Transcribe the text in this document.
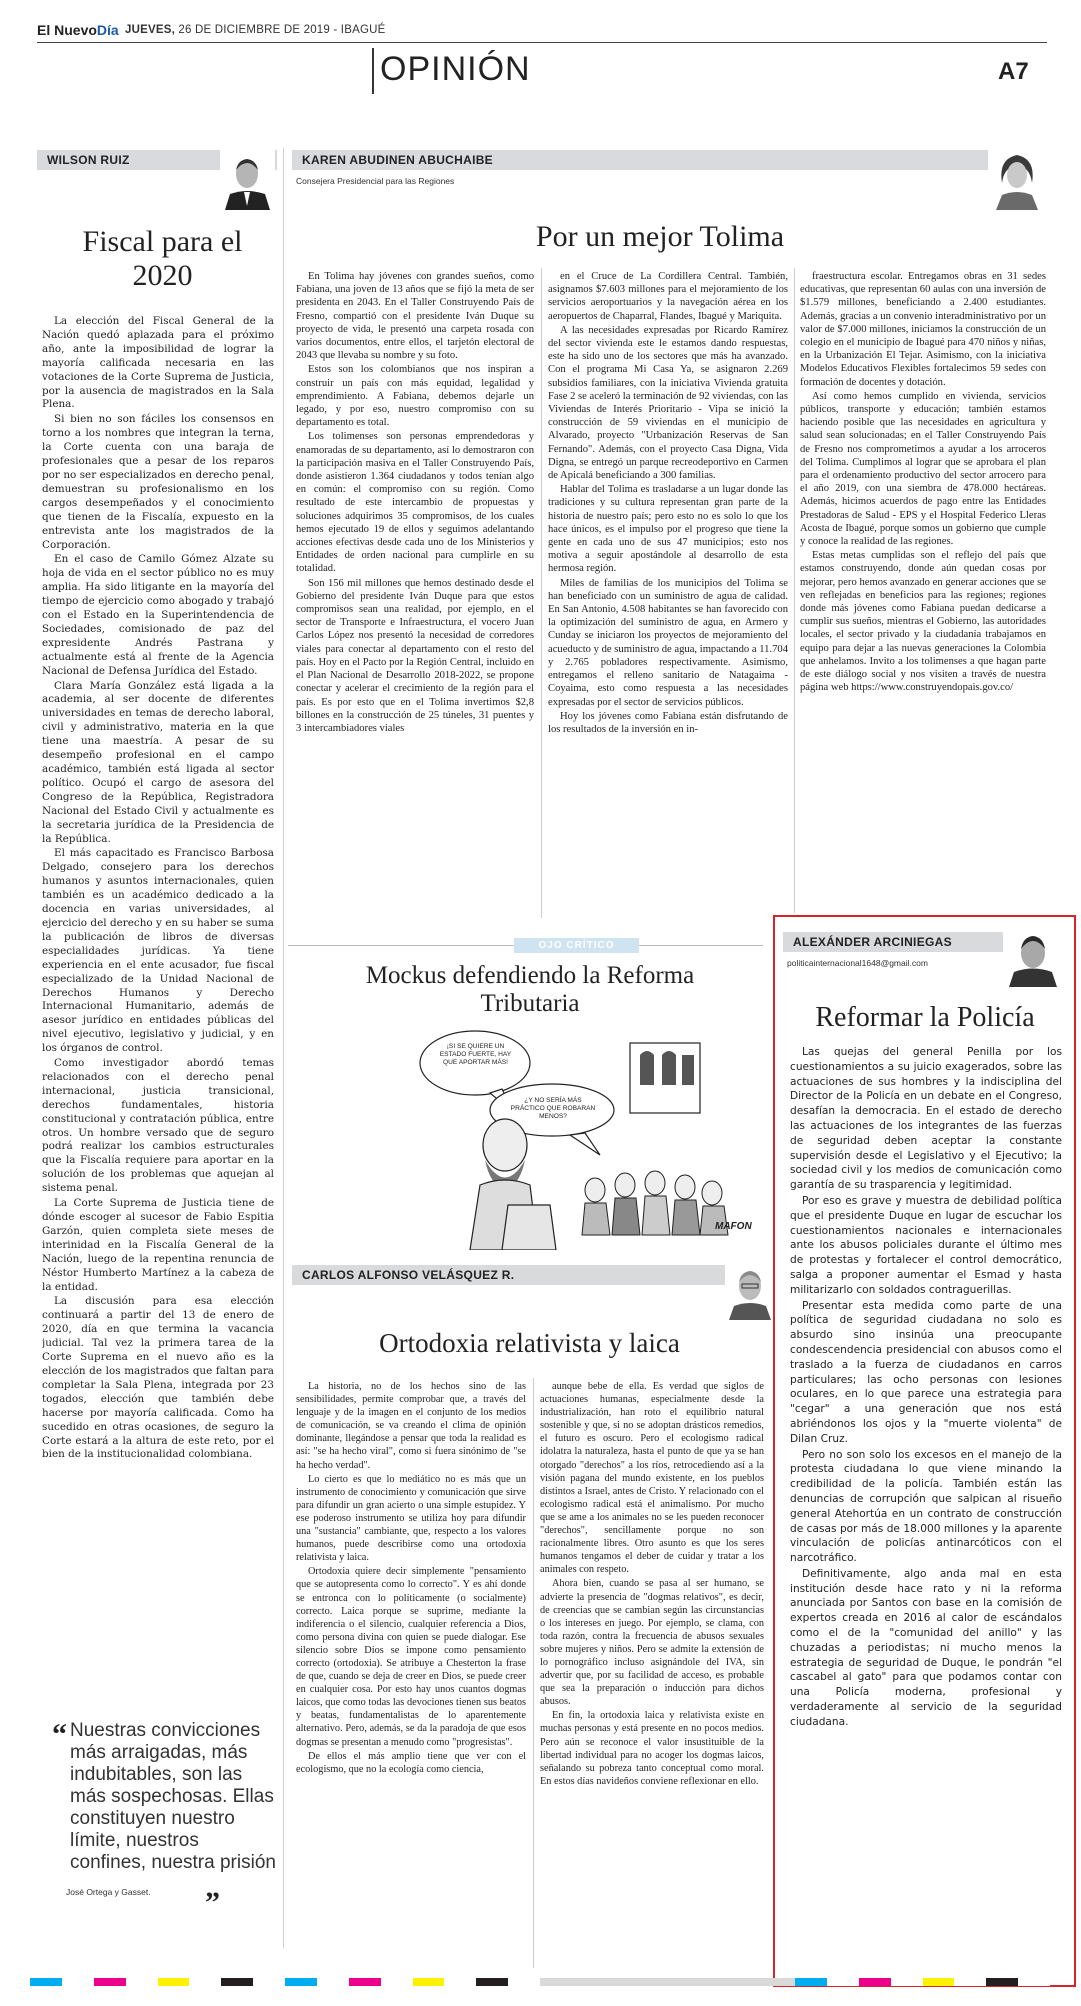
El NuevoDía JUEVES, 26 DE DICIEMBRE DE 2019 - IBAGUÉ
OPINIÓN	A7
WILSON RUIZ
Fiscal para el 2020

La elección del Fiscal General de la Nación quedó aplazada para el próximo año, ante la imposibilidad de lograr la mayoría calificada necesaria en las votaciones de la Corte Suprema de Justicia, por la ausencia de magistrados en la Sala Plena.

Si bien no son fáciles los consensos en torno a los nombres que integran la terna, la Corte cuenta con una baraja de profesionales que a pesar de los reparos por no ser especializados en derecho penal, demuestran su profesionalismo en los cargos desempeñados y el conocimiento que tienen de la Fiscalía, expuesto en la entrevista ante los magistrados de la Corporación.

En el caso de Camilo Gómez Alzate su hoja de vida en el sector público no es muy amplia. Ha sido litigante en la mayoría del tiempo de ejercicio como abogado y trabajó con el Estado en la Superintendencia de Sociedades, comisionado de paz del expresidente Andrés Pastrana y actualmente está al frente de la Agencia Nacional de Defensa Jurídica del Estado.

Clara María González está ligada a la academia, al ser docente de diferentes universidades en temas de derecho laboral, civil y administrativo, materia en la que tiene una maestría. A pesar de su desempeño profesional en el campo académico, también está ligada al sector político. Ocupó el cargo de asesora del Congreso de la República, Registradora Nacional del Estado Civil y actualmente es la secretaria jurídica de la Presidencia de la República.

El más capacitado es Francisco Barbosa Delgado, consejero para los derechos humanos y asuntos internacionales, quien también es un académico dedicado a la docencia en varias universidades, al ejercicio del derecho y en su haber se suma la publicación de libros de diversas especialidades jurídicas. Ya tiene experiencia en el ente acusador, fue fiscal especializado de la Unidad Nacional de Derechos Humanos y Derecho Internacional Humanitario, además de asesor jurídico en entidades públicas del nivel ejecutivo, legislativo y judicial, y en los órganos de control.

Como investigador abordó temas relacionados con el derecho penal internacional, justicia transicional, derechos fundamentales, historia constitucional y contratación pública, entre otros. Un hombre versado que de seguro podrá realizar los cambios estructurales que la Fiscalía requiere para aportar en la solución de los problemas que aquejan al sistema penal.

La Corte Suprema de Justicia tiene de dónde escoger al sucesor de Fabio Espitia Garzón, quien completa siete meses de interinidad en la Fiscalía General de la Nación, luego de la repentina renuncia de Néstor Humberto Martínez a la cabeza de la entidad.

La discusión para esa elección continuará a partir del 13 de enero de 2020, día en que termina la vacancia judicial. Tal vez la primera tarea de la Corte Suprema en el nuevo año es la elección de los magistrados que faltan para completar la Sala Plena, integrada por 23 togados, elección que también debe hacerse por mayoría calificada. Como ha sucedido en otras ocasiones, de seguro la Corte estará a la altura de este reto, por el bien de la institucionalidad colombiana.

“ Nuestras convicciones más arraigadas, más indubitables, son las más sospechosas. Ellas constituyen nuestro límite, nuestros confines, nuestra prisión
José Ortega y Gasset. ”
KAREN ABUDINEN ABUCHAIBE
Consejera Presidencial para las Regiones
Por un mejor Tolima

En Tolima hay jóvenes con grandes sueños, como Fabiana, una joven de 13 años que se fijó la meta de ser presidenta en 2043. En el Taller Construyendo País de Fresno, compartió con el presidente Iván Duque su proyecto de vida, le presentó una carpeta rosada con varios documentos, entre ellos, el tarjetón electoral de 2043 que llevaba su nombre y su foto.

Estos son los colombianos que nos inspiran a construir un país con más equidad, legalidad y emprendimiento. A Fabiana, debemos dejarle un legado, y por eso, nuestro compromiso con su departamento es total.

Los tolimenses son personas emprendedoras y enamoradas de su departamento, así lo demostraron con la participación masiva en el Taller Construyendo País, donde asistieron 1.364 ciudadanos y todos tenían algo en común: el compromiso con su región. Como resultado de este intercambio de propuestas y soluciones adquirimos 35 compromisos, de los cuales hemos ejecutado 19 de ellos y seguimos adelantando acciones efectivas desde cada uno de los Ministerios y Entidades de orden nacional para cumplirle en su totalidad.

Son 156 mil millones que hemos destinado desde el Gobierno del presidente Iván Duque para que estos compromisos sean una realidad, por ejemplo, en el sector de Transporte e Infraestructura, el vocero Juan Carlos López nos presentó la necesidad de corredores viales para conectar al departamento con el resto del país. Hoy en el Pacto por la Región Central, incluido en el Plan Nacional de Desarrollo 2018-2022, se propone conectar y acelerar el crecimiento de la región para el país. Es por esto que en el Tolima invertimos $2,8 billones en la construcción de 25 túneles, 31 puentes y 3 intercambiadores viales

en el Cruce de La Cordillera Central. También, asignamos $7.603 millones para el mejoramiento de los servicios aeroportuarios y la navegación aérea en los aeropuertos de Chaparral, Flandes, Ibagué y Mariquita.

A las necesidades expresadas por Ricardo Ramírez del sector vivienda este le estamos dando respuestas, este ha sido uno de los sectores que más ha avanzado. Con el programa Mi Casa Ya, se asignaron 2.269 subsidios familiares, con la iniciativa Vivienda gratuita Fase 2 se aceleró la terminación de 92 viviendas, con las Viviendas de Interés Prioritario - Vipa se inició la construcción de 59 viviendas en el municipio de Alvarado, proyecto "Urbanización Reservas de San Fernando". Además, con el proyecto Casa Digna, Vida Digna, se entregó un parque recreodeportivo en Carmen de Apicalá beneficiando a 300 familias.

Hablar del Tolima es trasladarse a un lugar donde las tradiciones y su cultura representan gran parte de la historia de nuestro país; pero esto no es solo lo que los hace únicos, es el impulso por el progreso que tiene la gente en cada uno de sus 47 municipios; esto nos motiva a seguir apostándole al desarrollo de esta hermosa región.

Miles de familias de los municipios del Tolima se han beneficiado con un suministro de agua de calidad. En San Antonio, 4.508 habitantes se han favorecido con la optimización del suministro de agua, en Armero y Cunday se iniciaron los proyectos de mejoramiento del acueducto y de suministro de agua, impactando a 11.704 y 2.765 pobladores respectivamente. Asimismo, entregamos el relleno sanitario de Natagaima - Coyaima, esto como respuesta a las necesidades expresadas por el sector de servicios públicos.

Hoy los jóvenes como Fabiana están disfrutando de los resultados de la inversión en in-

fraestructura escolar. Entregamos obras en 31 sedes educativas, que representan 60 aulas con una inversión de $1.579 millones, beneficiando a 2.400 estudiantes. Además, gracias a un convenio interadministrativo por un valor de $7.000 millones, iniciamos la construcción de un colegio en el municipio de Ibagué para 470 niños y niñas, en la Urbanización El Tejar. Asimismo, con la iniciativa Modelos Educativos Flexibles fortalecimos 59 sedes con formación de docentes y dotación.

Así como hemos cumplido en vivienda, servicios públicos, transporte y educación; también estamos haciendo posible que las necesidades en agricultura y salud sean solucionadas; en el Taller Construyendo País de Fresno nos comprometimos a ayudar a los arroceros del Tolima. Cumplimos al lograr que se aprobara el plan para el ordenamiento productivo del sector arrocero para el año 2019, con una siembra de 478.000 hectáreas. Además, hicimos acuerdos de pago entre las Entidades Prestadoras de Salud - EPS y el Hospital Federico Lleras Acosta de Ibagué, porque somos un gobierno que cumple y conoce la realidad de las regiones.

Estas metas cumplidas son el reflejo del país que estamos construyendo, donde aún quedan cosas por mejorar, pero hemos avanzado en generar acciones que se ven reflejadas en beneficios para las regiones; regiones donde más jóvenes como Fabiana puedan dedicarse a cumplir sus sueños, mientras el Gobierno, las autoridades locales, el sector privado y la ciudadanía trabajamos en equipo para dejar a las nuevas generaciones la Colombia que anhelamos. Invito a los tolimenses a que hagan parte de este diálogo social y nos visiten a través de nuestra página web https://www.construyendopais.gov.co/

OJO CRÍTICO
Mockus defendiendo la Reforma Tributaria
¡SI SE QUIERE UN ESTADO FUERTE, HAY QUE APORTAR MÁS!
¿Y NO SERÍA MÁS PRÁCTICO QUE ROBARAN MENOS?
MAFON
CARLOS ALFONSO VELÁSQUEZ R.
Ortodoxia relativista y laica

La historia, no de los hechos sino de las sensibilidades, permite comprobar que, a través del lenguaje y de la imagen en el conjunto de los medios de comunicación, se va creando el clima de opinión dominante, llegándose a pensar que toda la realidad es así: "se ha hecho viral", como si fuera sinónimo de "se ha hecho verdad".

Lo cierto es que lo mediático no es más que un instrumento de conocimiento y comunicación que sirve para difundir un gran acierto o una simple estupidez. Y ese poderoso instrumento se utiliza hoy para difundir una "sustancia" cambiante, que, respecto a los valores humanos, puede describirse como una ortodoxia relativista y laica.

Ortodoxia quiere decir simplemente "pensamiento que se autopresenta como lo correcto". Y es ahí donde se entronca con lo políticamente (o socialmente) correcto. Laica porque se suprime, mediante la indiferencia o el silencio, cualquier referencia a Dios, como persona divina con quien se puede dialogar. Ese silencio sobre Dios se impone como pensamiento correcto (ortodoxia). Se atribuye a Chesterton la frase de que, cuando se deja de creer en Dios, se puede creer en cualquier cosa. Por esto hay unos cuantos dogmas laicos, que como todas las devociones tienen sus beatos y beatas, fundamentalistas de lo aparentemente alternativo. Pero, además, se da la paradoja de que esos dogmas se presentan a menudo como "progresistas".

De ellos el más amplio tiene que ver con el ecologismo, que no la ecología como ciencia,

aunque bebe de ella. Es verdad que siglos de actuaciones humanas, especialmente desde la industrialización, han roto el equilibrio natural sostenible y que, si no se adoptan drásticos remedios, el futuro es oscuro. Pero el ecologismo radical idolatra la naturaleza, hasta el punto de que ya se han otorgado "derechos" a los ríos, retrocediendo así a la visión pagana del mundo existente, en los pueblos distintos a Israel, antes de Cristo. Y relacionado con el ecologismo radical está el animalismo. Por mucho que se ame a los animales no se les pueden reconocer "derechos", sencillamente porque no son racionalmente libres. Otro asunto es que los seres humanos tengamos el deber de cuidar y tratar a los animales con respeto.

Ahora bien, cuando se pasa al ser humano, se advierte la presencia de "dogmas relativos", es decir, de creencias que se cambian según las circunstancias o los intereses en juego. Por ejemplo, se clama, con toda razón, contra la frecuencia de abusos sexuales sobre mujeres y niños. Pero se admite la extensión de lo pornográfico incluso asignándole del IVA, sin advertir que, por su facilidad de acceso, es probable que sea la preparación o inducción para dichos abusos.

En fin, la ortodoxia laica y relativista existe en muchas personas y está presente en no pocos medios. Pero aún se reconoce el valor insustituible de la libertad individual para no acoger los dogmas laicos, señalando su pobreza tanto conceptual como moral. En estos días navideños conviene reflexionar en ello.

ALEXÁNDER ARCINIEGAS
politicainternacional1648@gmail.com
Reformar la Policía

Las quejas del general Penilla por los cuestionamientos a su juicio exagerados, sobre las actuaciones de sus hombres y la indisciplina del Director de la Policía en un debate en el Congreso, desafían la democracia. En el estado de derecho las actuaciones de los integrantes de las fuerzas de seguridad deben aceptar la constante supervisión desde el Legislativo y el Ejecutivo; la sociedad civil y los medios de comunicación como garantía de su trasparencia y legitimidad.

Por eso es grave y muestra de debilidad política que el presidente Duque en lugar de escuchar los cuestionamientos nacionales e internacionales ante los abusos policiales durante el último mes de protestas y fortalecer el control democrático, salga a proponer aumentar el Esmad y hasta militarizarlo con soldados contraguerillas.

Presentar esta medida como parte de una política de seguridad ciudadana no solo es absurdo sino insinúa una preocupante condescendencia presidencial con abusos como el traslado a la fuerza de ciudadanos en carros particulares; las ocho personas con lesiones oculares, en lo que parece una estrategia para "cegar" a una generación que nos está abriéndonos los ojos y la "muerte violenta" de Dilan Cruz.

Pero no son solo los excesos en el manejo de la protesta ciudadana lo que viene minando la credibilidad de la policía. También están las denuncias de corrupción que salpican al risueño general Atehortúa en un contrato de construcción de casas por más de 18.000 millones y la aparente vinculación de policías antinarcóticos con el narcotráfico.

Definitivamente, algo anda mal en esta institución desde hace rato y ni la reforma anunciada por Santos con base en la comisión de expertos creada en 2016 al calor de escándalos como el de la "comunidad del anillo" y las chuzadas a periodistas; ni mucho menos la estrategia de seguridad de Duque, le pondrán "el cascabel al gato" para que podamos contar con una Policía moderna, profesional y verdaderamente al servicio de la seguridad ciudadana.
